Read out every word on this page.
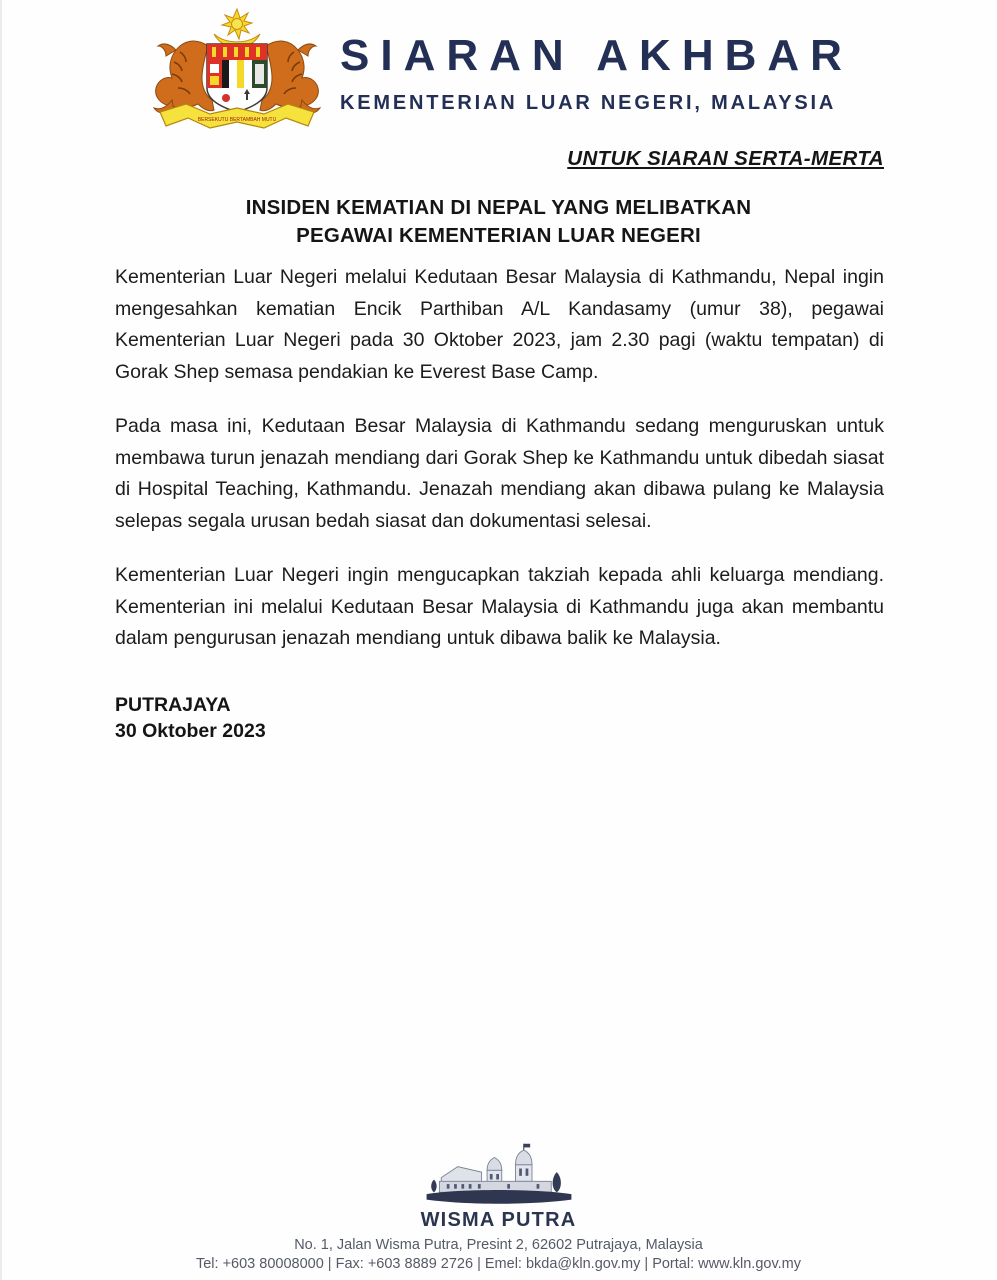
BERSEKUTU BERTAMBAH MUTU
SIARAN AKHBAR
KEMENTERIAN LUAR NEGERI, MALAYSIA
UNTUK SIARAN SERTA-MERTA
INSIDEN KEMATIAN DI NEPAL YANG MELIBATKAN
PEGAWAI KEMENTERIAN LUAR NEGERI

Kementerian Luar Negeri melalui Kedutaan Besar Malaysia di Kathmandu, Nepal ingin mengesahkan kematian Encik Parthiban A/L Kandasamy (umur 38), pegawai Kementerian Luar Negeri pada 30 Oktober 2023, jam 2.30 pagi (waktu tempatan) di Gorak Shep semasa pendakian ke Everest Base Camp.

Pada masa ini, Kedutaan Besar Malaysia di Kathmandu sedang menguruskan untuk membawa turun jenazah mendiang dari Gorak Shep ke Kathmandu untuk dibedah siasat di Hospital Teaching, Kathmandu. Jenazah mendiang akan dibawa pulang ke Malaysia selepas segala urusan bedah siasat dan dokumentasi selesai.

Kementerian Luar Negeri ingin mengucapkan takziah kepada ahli keluarga mendiang. Kementerian ini melalui Kedutaan Besar Malaysia di Kathmandu juga akan membantu dalam pengurusan jenazah mendiang untuk dibawa balik ke Malaysia.

PUTRAJAYA
30 Oktober 2023
WISMA PUTRA
No. 1, Jalan Wisma Putra, Presint 2, 62602 Putrajaya, Malaysia
Tel: +603 80008000 | Fax: +603 8889 2726 | Emel: bkda@kln.gov.my | Portal: www.kln.gov.my
